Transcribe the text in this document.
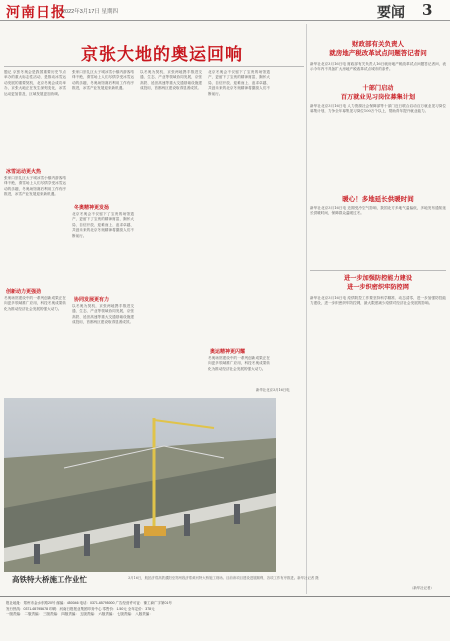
河南日报
2022年3月17日 星期四	要闻 3
京张大地的奥运回响
题记 京张冬奥会是我国重要历史节点举办的重大标志性活动，是推动冰雪运动发展的重要契机，北京冬奥会成功举办，京张大地正在发生深刻变化，冰雪运动更加普及，区域发展更加协调。
冰雪运动更火热
张家口崇礼区太子城冰雪小镇内游客络绎不绝，滑雪场上人们尽情享受冰雪运动的乐趣，冬奥场馆赛后利用工作有序推进，冰雪产业发展迎来新机遇。
创新动力更强劲
冬奥场馆建设中的一系列创新成果正在向更多领域推广应用，科技冬奥成果转化为推动经济社会发展的强大动力。
张家口崇礼区太子城冰雪小镇内游客络绎不绝，滑雪场上人们尽情享受冰雪运动的乐趣，冬奥场馆赛后利用工作有序推进，冰雪产业发展迎来新机遇。
冬奥精神更发扬
北京冬奥会不仅留下了宝贵的场馆遗产，更留下了宝贵的精神财富，胸怀大局、自信开放、迎难而上、追求卓越、共创未来的北京冬奥精神将激励人们不断前行。
协同发展更有力
以冬奥为契机，京张两地携手推进交通、生态、产业等领域协同发展，京张高铁、延崇高速等重大交通基础设施建成投用，首都两区建设取得显著成效。
以冬奥为契机，京张两地携手推进交通、生态、产业等领域协同发展，京张高铁、延崇高速等重大交通基础设施建成投用，首都两区建设取得显著成效。
奥运精神更闪耀
北京冬奥会不仅留下了宝贵的场馆遗产，更留下了宝贵的精神财富，胸怀大局、自信开放、迎难而上、追求卓越、共创未来的北京冬奥精神将激励人们不断前行。
冬奥场馆建设中的一系列创新成果正在向更多领域推广应用，科技冬奥成果转化为推动经济社会发展的强大动力。
新华社北京3月16日电
财政部有关负责人
就房地产税改革试点问题答记者问
新华社北京3月16日电 财政部有关负责人16日就房地产税改革试点问题答记者问，表示今年内不具备扩大房地产税改革试点城市的条件。
十部门启动
百万就业见习岗位募集计划
新华社北京3月16日电 人力资源社会保障部等十部门近日联合启动百万就业见习岗位募集计划，力争全年募集见习岗位100万个以上，帮助青年提升就业能力。
暖心！多地延长供暖时间
新华社北京3月16日电 近期受冷空气影响，我国北方多地气温偏低，多地发布通知延长供暖时间，保障群众温暖过冬。
进一步加强防控能力建设
进一步织密织牢防控网
新华社北京3月16日电 疫情防控工作要坚持科学精准、动态清零，进一步加强防控能力建设，进一步织密织牢防控网，最大限度减少疫情对经济社会发展的影响。
（新华社记者）
高铁特大桥施工作业忙	3月16日，航拍济郑高铁濮阳至郑州段济郑黄河特大桥施工现场。目前该项目建设进展顺利，各项工作有序推进。新华社记者 摄
报社地址：郑州市金水东路20号 邮编：450046 电话：0371-65795000 广告经营许可证：豫工商广字第01号
发行热线：0371-65795678 印刷：河南日报报业集团印务中心 零售价：1.50元 全年定价：378元
一版责编： 二版责编： 三版责编： 四版责编： 五版责编： 六版责编： 七版责编： 八版责编：
